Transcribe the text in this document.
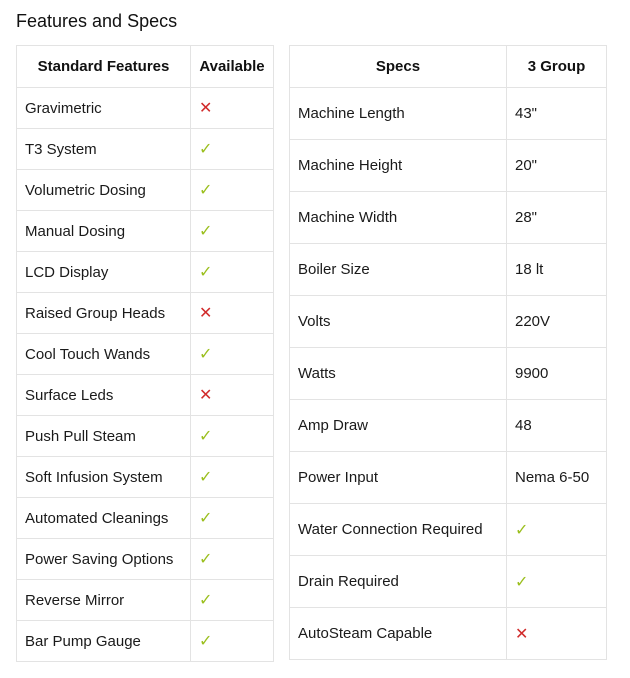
Features and Specs
Standard Features	Available
Gravimetric	✕
T3 System	✓
Volumetric Dosing	✓
Manual Dosing	✓
LCD Display	✓
Raised Group Heads	✕
Cool Touch Wands	✓
Surface Leds	✕
Push Pull Steam	✓
Soft Infusion System	✓
Automated Cleanings	✓
Power Saving Options	✓
Reverse Mirror	✓
Bar Pump Gauge	✓
Specs	3 Group
Machine Length	43"
Machine Height	20"
Machine Width	28"
Boiler Size	18 lt
Volts	220V
Watts	9900
Amp Draw	48
Power Input	Nema 6-50
Water Connection Required	✓
Drain Required	✓
AutoSteam Capable	✕
